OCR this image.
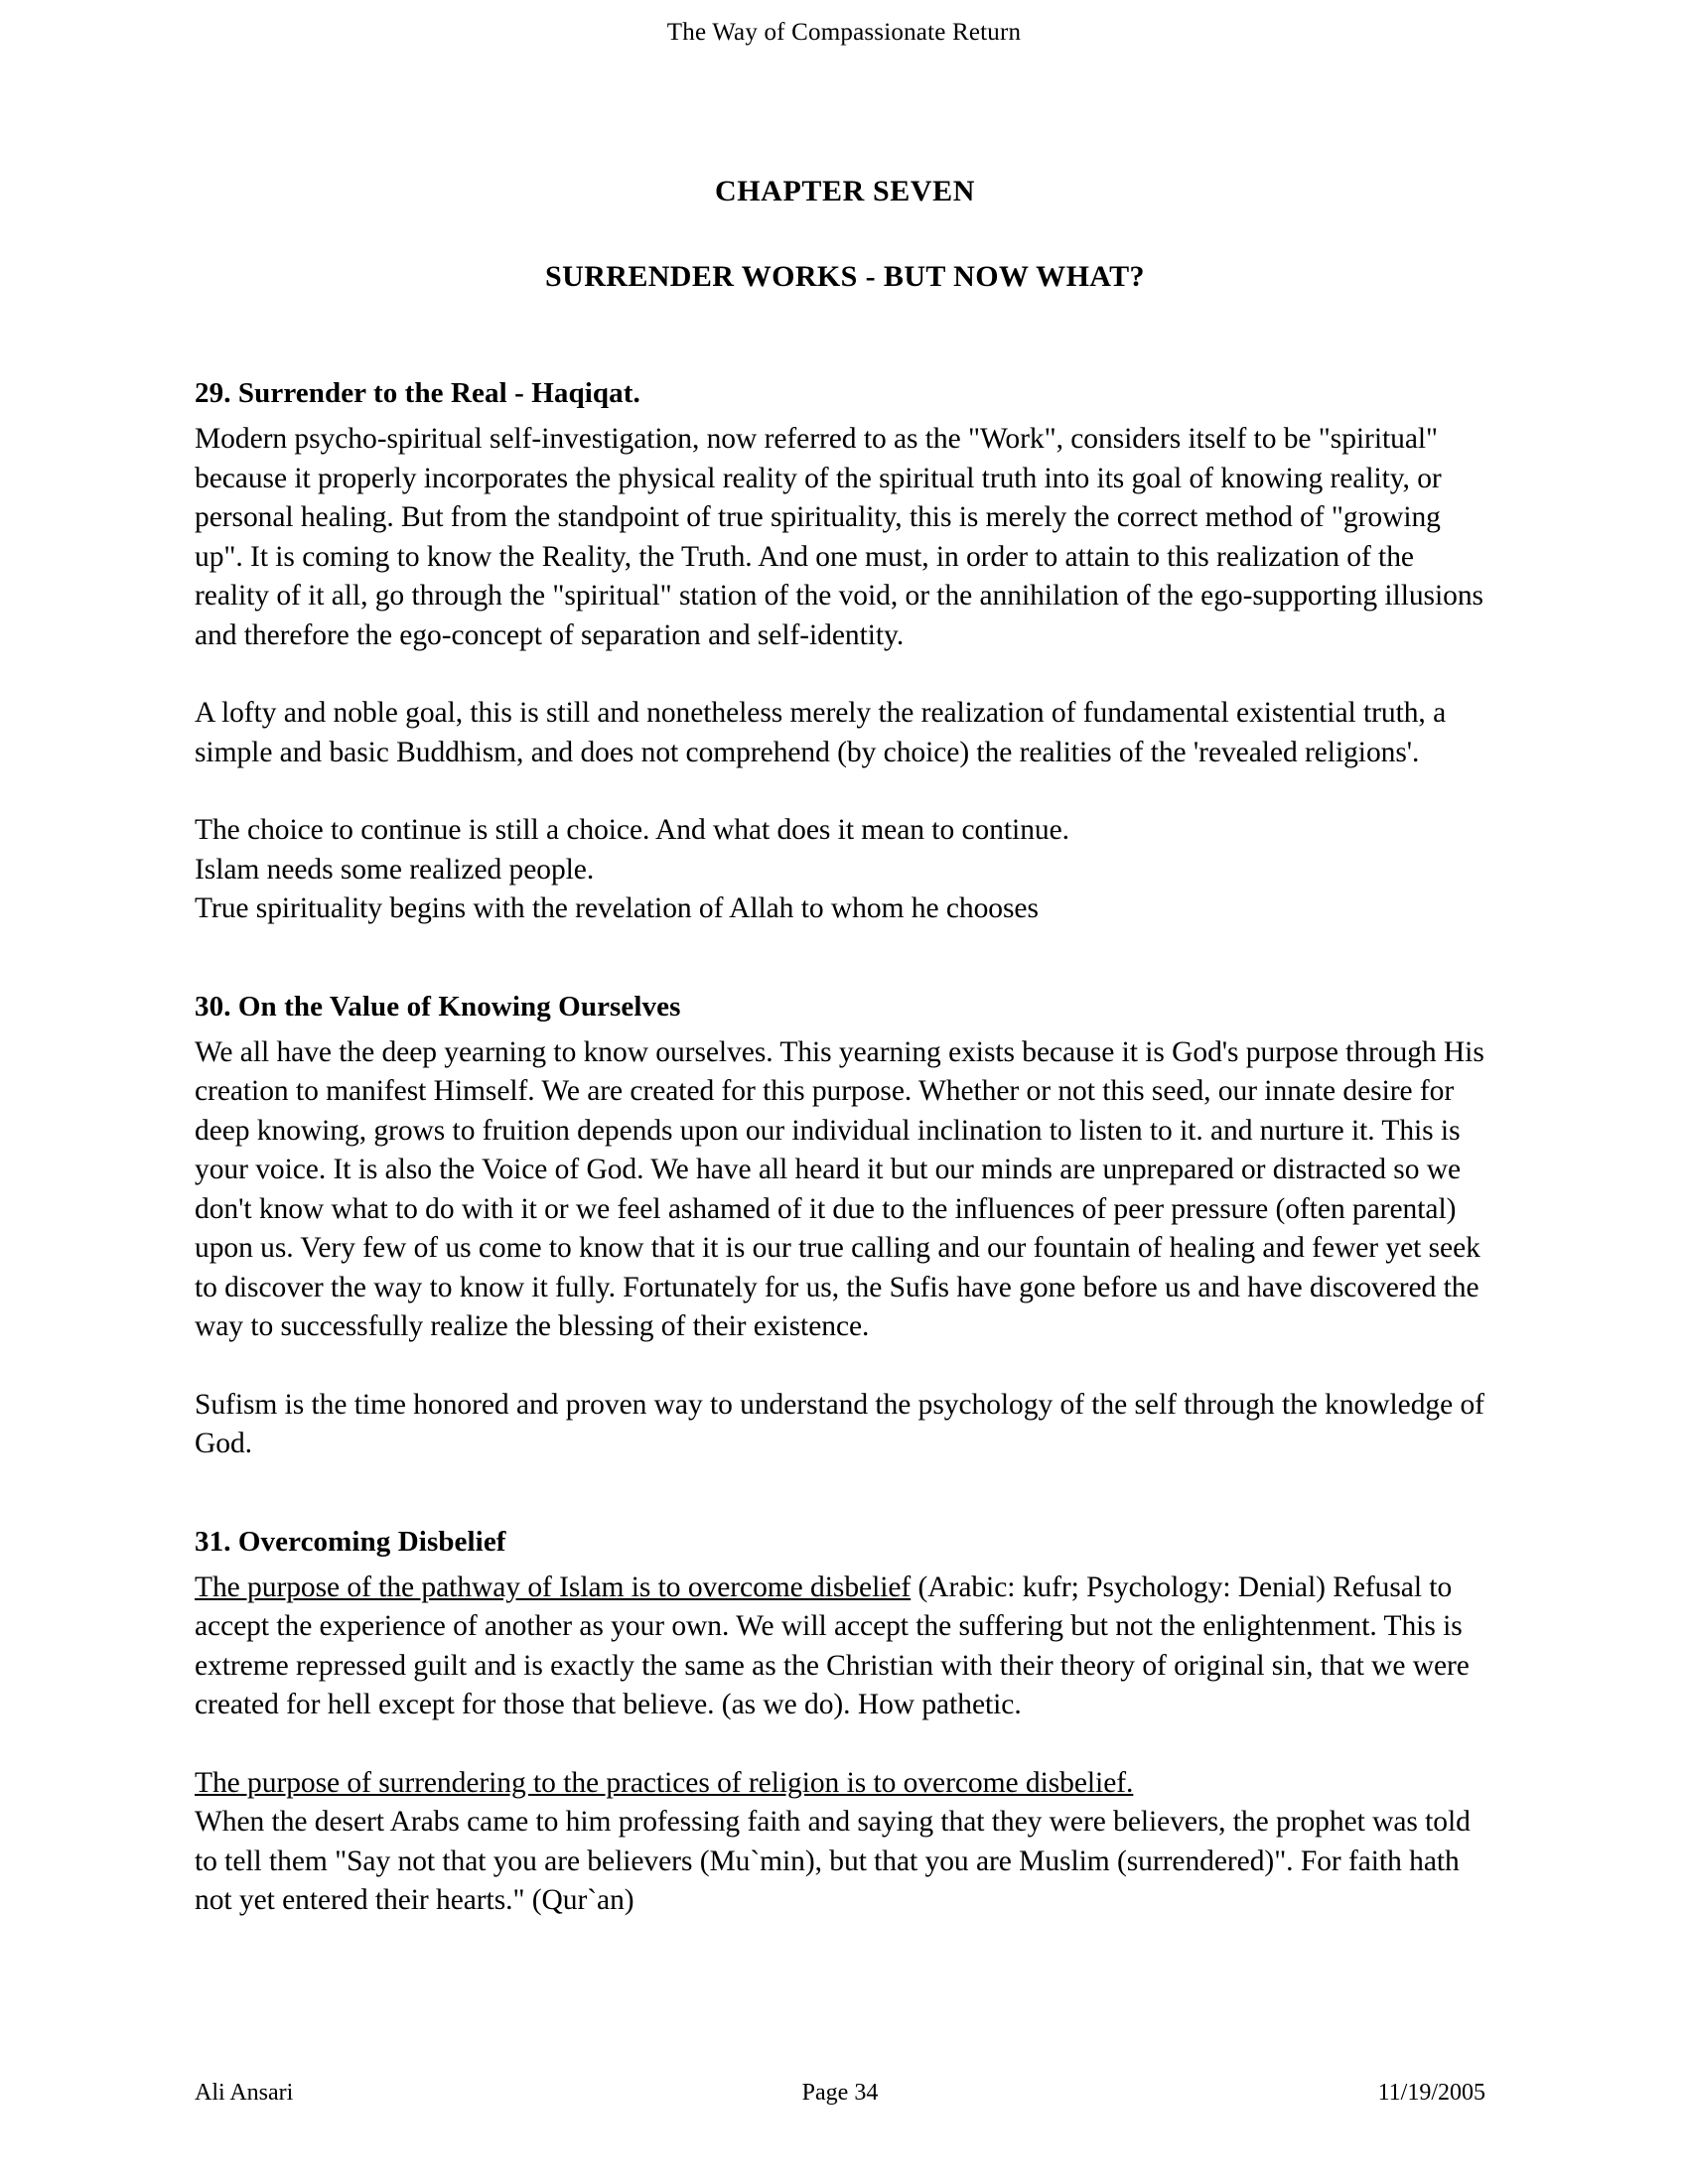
The Way of Compassionate Return
CHAPTER SEVEN
SURRENDER WORKS - BUT NOW WHAT?
29. Surrender to the Real - Haqiqat.

Modern psycho-spiritual self-investigation, now referred to as the "Work", considers itself to be "spiritual" because it properly incorporates the physical reality of the spiritual truth into its goal of knowing reality, or personal healing. But from the standpoint of true spirituality, this is merely the correct method of "growing up". It is coming to know the Reality, the Truth. And one must, in order to attain to this realization of the reality of it all, go through the "spiritual" station of the void, or the annihilation of the ego-supporting illusions and therefore the ego-concept of separation and self-identity.

A lofty and noble goal, this is still and nonetheless merely the realization of fundamental existential truth, a simple and basic Buddhism, and does not comprehend (by choice) the realities of the 'revealed religions'.

The choice to continue is still a choice. And what does it mean to continue.

Islam needs some realized people.

True spirituality begins with the revelation of Allah to whom he chooses

30. On the Value of Knowing Ourselves

We all have the deep yearning to know ourselves. This yearning exists because it is God's purpose through His creation to manifest Himself. We are created for this purpose. Whether or not this seed, our innate desire for deep knowing, grows to fruition depends upon our individual inclination to listen to it. and nurture it. This is your voice. It is also the Voice of God. We have all heard it but our minds are unprepared or distracted so we don't know what to do with it or we feel ashamed of it due to the influences of peer pressure (often parental) upon us. Very few of us come to know that it is our true calling and our fountain of healing and fewer yet seek to discover the way to know it fully. Fortunately for us, the Sufis have gone before us and have discovered the way to successfully realize the blessing of their existence.

Sufism is the time honored and proven way to understand the psychology of the self through the knowledge of God.

31. Overcoming Disbelief

The purpose of the pathway of Islam is to overcome disbelief (Arabic: kufr; Psychology: Denial) Refusal to accept the experience of another as your own. We will accept the suffering but not the enlightenment. This is extreme repressed guilt and is exactly the same as the Christian with their theory of original sin, that we were created for hell except for those that believe. (as we do). How pathetic.

The purpose of surrendering to the practices of religion is to overcome disbelief.
When the desert Arabs came to him professing faith and saying that they were believers, the prophet was told to tell them "Say not that you are believers (Mu`min), but that you are Muslim (surrendered)". For faith hath not yet entered their hearts." (Qur`an)

Ali Ansari	Page 34	11/19/2005
